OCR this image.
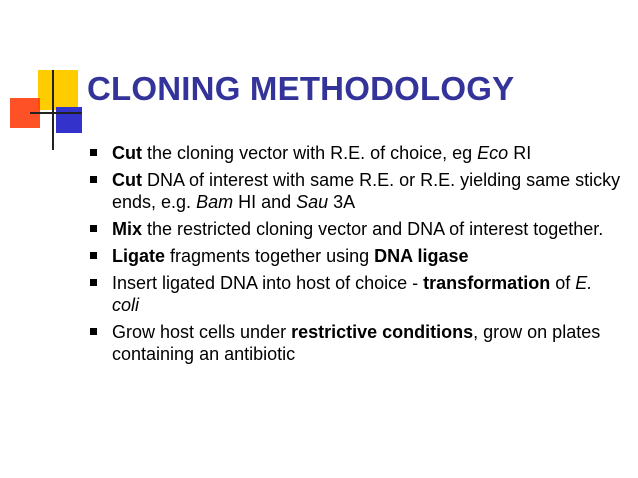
CLONING METHODOLOGY
Cut the cloning vector with R.E. of choice, eg Eco RI
Cut DNA of interest with same R.E. or R.E. yielding same sticky ends, e.g. Bam HI and Sau 3A
Mix the restricted cloning vector and DNA of interest together.
Ligate fragments together using DNA ligase
Insert ligated DNA into host of choice - transformation of E. coli
Grow host cells under restrictive conditions, grow on plates containing an antibiotic
